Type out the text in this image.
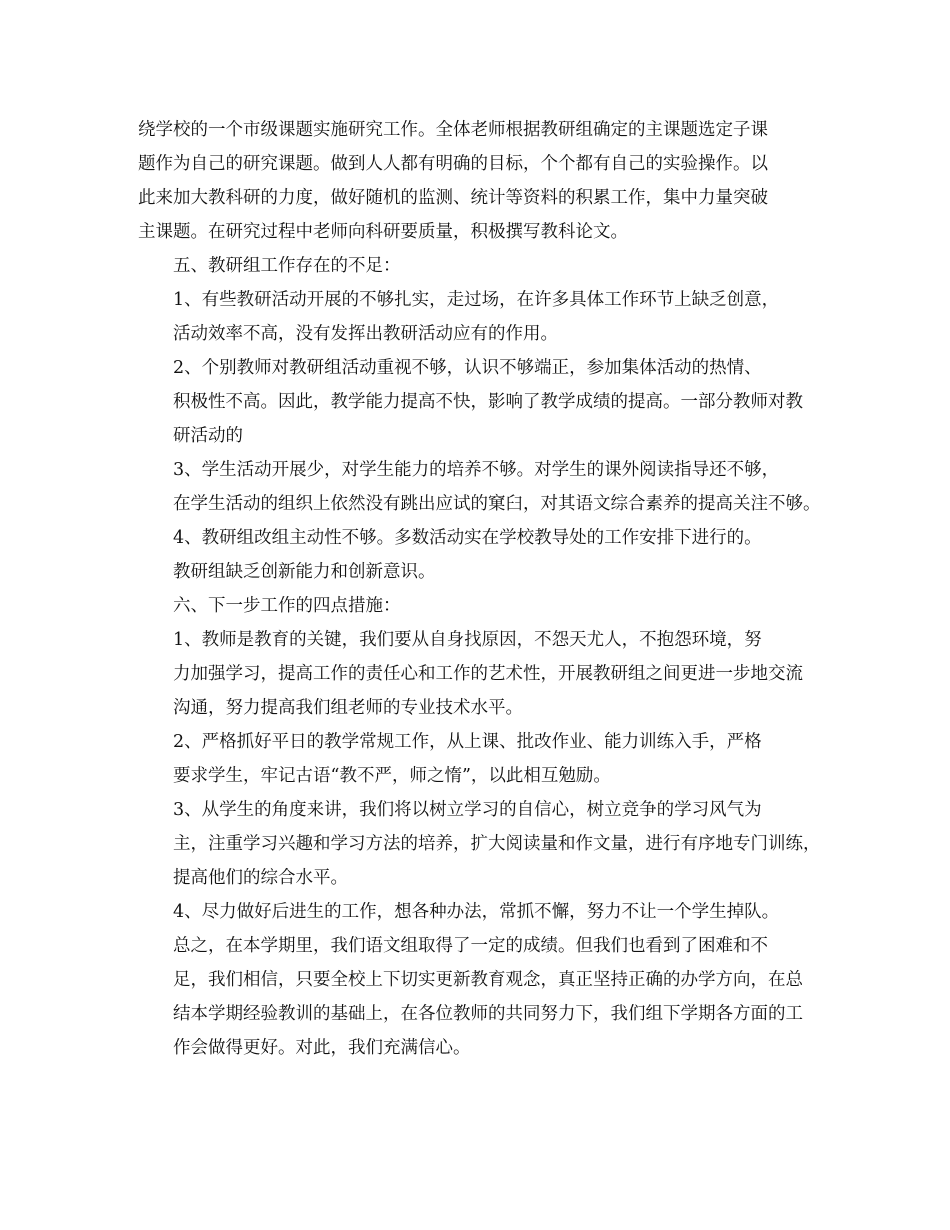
绕学校的一个市级课题实施研究工作。全体老师根据教研组确定的主课题选定子课
题作为自己的研究课题。做到人人都有明确的目标，个个都有自己的实验操作。以
此来加大教科研的力度，做好随机的监测、统计等资料的积累工作，集中力量突破
主课题。在研究过程中老师向科研要质量，积极撰写教科论文。

五、教研组工作存在的不足：

1、有些教研活动开展的不够扎实，走过场，在许多具体工作环节上缺乏创意，
活动效率不高，没有发挥出教研活动应有的作用。

2、个别教师对教研组活动重视不够，认识不够端正，参加集体活动的热情、
积极性不高。因此，教学能力提高不快，影响了教学成绩的提高。一部分教师对教
研活动的

3、学生活动开展少，对学生能力的培养不够。对学生的课外阅读指导还不够，
在学生活动的组织上依然没有跳出应试的窠臼，对其语文综合素养的提高关注不够。

4、教研组改组主动性不够。多数活动实在学校教导处的工作安排下进行的。
教研组缺乏创新能力和创新意识。

六、下一步工作的四点措施：

1、教师是教育的关键，我们要从自身找原因，不怨天尤人，不抱怨环境，努
力加强学习，提高工作的责任心和工作的艺术性，开展教研组之间更进一步地交流
沟通，努力提高我们组老师的专业技术水平。

2、严格抓好平日的教学常规工作，从上课、批改作业、能力训练入手，严格
要求学生，牢记古语“教不严，师之惰”，以此相互勉励。

3、从学生的角度来讲，我们将以树立学习的自信心，树立竞争的学习风气为
主，注重学习兴趣和学习方法的培养，扩大阅读量和作文量，进行有序地专门训练，
提高他们的综合水平。

4、尽力做好后进生的工作，想各种办法，常抓不懈，努力不让一个学生掉队。

总之，在本学期里，我们语文组取得了一定的成绩。但我们也看到了困难和不
足，我们相信，只要全校上下切实更新教育观念，真正坚持正确的办学方向，在总
结本学期经验教训的基础上，在各位教师的共同努力下，我们组下学期各方面的工
作会做得更好。对此，我们充满信心。
